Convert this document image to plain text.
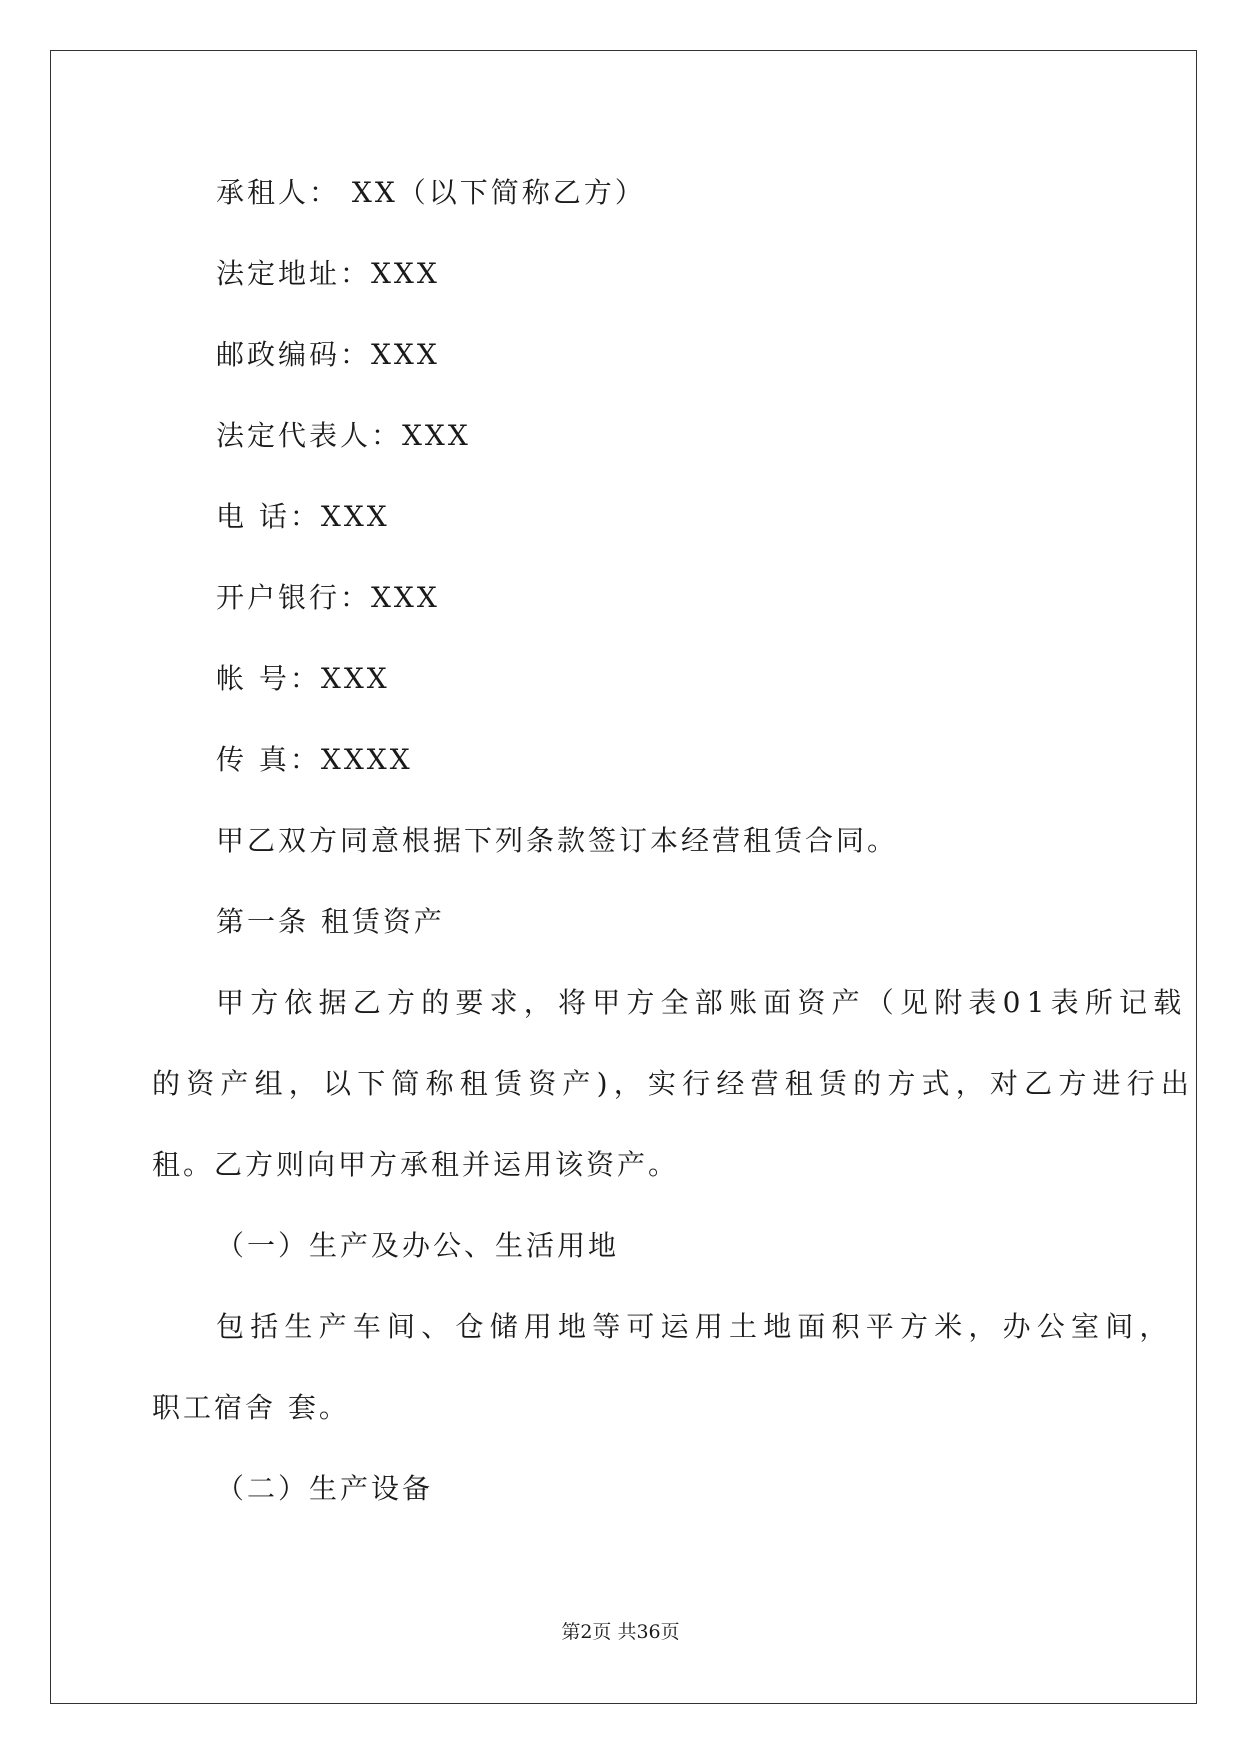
承租人： XX（以下简称乙方）
法定地址：XXX
邮政编码：XXX
法定代表人：XXX
电 话：XXX
开户银行：XXX
帐 号：XXX
传 真：XXXX
甲乙双方同意根据下列条款签订本经营租赁合同。
第一条 租赁资产
甲方依据乙方的要求，将甲方全部账面资产（见附表01表所记载
的资产组，以下简称租赁资产)，实行经营租赁的方式，对乙方进行出
租。乙方则向甲方承租并运用该资产。
（一）生产及办公、生活用地
包括生产车间、仓储用地等可运用土地面积平方米，办公室间，
职工宿舍 套。
（二）生产设备
第2页 共36页
